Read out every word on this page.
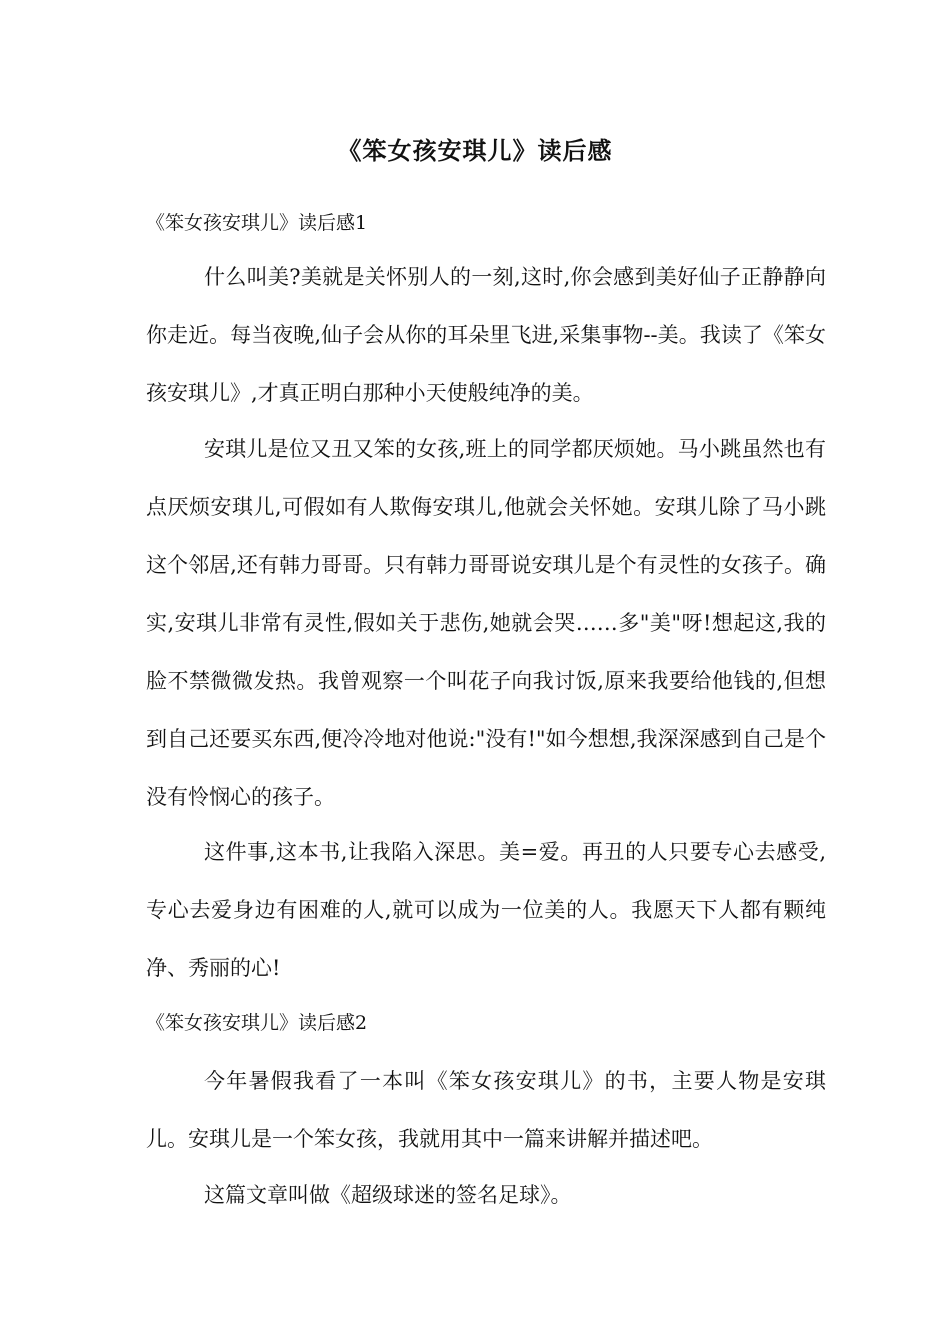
《笨女孩安琪儿》读后感
《笨女孩安琪儿》读后感1

什么叫美?美就是关怀别人的一刻,这时,你会感到美好仙子正静静向你走近。每当夜晚,仙子会从你的耳朵里飞进,采集事物--美。我读了《笨女孩安琪儿》,才真正明白那种小天使般纯净的美。

安琪儿是位又丑又笨的女孩,班上的同学都厌烦她。马小跳虽然也有点厌烦安琪儿,可假如有人欺侮安琪儿,他就会关怀她。安琪儿除了马小跳这个邻居,还有韩力哥哥。只有韩力哥哥说安琪儿是个有灵性的女孩子。确实,安琪儿非常有灵性,假如关于悲伤,她就会哭……多"美"呀!想起这,我的脸不禁微微发热。我曾观察一个叫花子向我讨饭,原来我要给他钱的,但想到自己还要买东西,便冷冷地对他说:"没有!"如今想想,我深深感到自己是个没有怜悯心的孩子。

这件事,这本书,让我陷入深思。美=爱。再丑的人只要专心去感受,专心去爱身边有困难的人,就可以成为一位美的人。我愿天下人都有颗纯净、秀丽的心!

《笨女孩安琪儿》读后感2

今年暑假我看了一本叫《笨女孩安琪儿》的书，主要人物是安琪儿。安琪儿是一个笨女孩，我就用其中一篇来讲解并描述吧。

这篇文章叫做《超级球迷的签名足球》。
